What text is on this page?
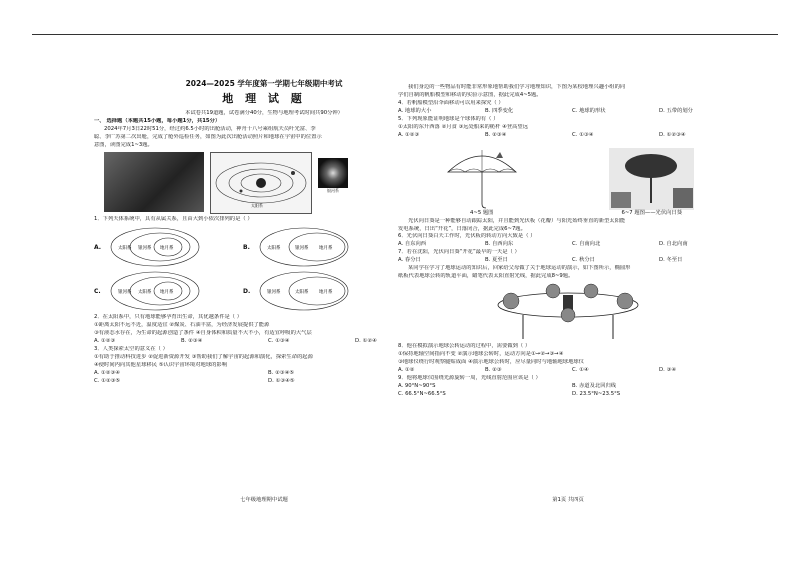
2024—2025 学年度第一学期七年级期中考试
地 理 试 题
本试卷共19道题，试卷满分40分，生物与地理考试时间共90分钟）
一、 选择题（本题共15小题，每小题1分，共15分）
2024年7月3日22时51分，经过约6.5小时的出舱活动，神舟十八号乘组航天员叶光富、李
聪、李广苏第二次出舱，完成了舱外巡检任务，如图为此次出舱活动照片和地球在宇宙中的位置示
意图，读图完成1~3题。
太阳系
银河系
1．下列天体系统中，具有从属关系，且由大到小依次排列的是（ ）
A.	太阳系 银河系 地月系	B.	太阳系	银河系 地月系
C.	银河系 太阳系 地月系	D.	银河系	太阳系 地月系
2．在太阳系中，只有地球能够孕育出生命，其优越条件是（ ）
①距离太阳不远不近，温度适宜 ②煤炭、石油丰富，为经济发展提供了能源
③有液态水存在，为生命的起源创造了条件 ④自身体积和质量不大不小，有适宜呼吸的大气层
A. ①②③	B. ②③④	C. ①③④	D. ①②④
3．人类探索太空的意义在（ ）
①有助于推动科技进步 ②促进新资源开发 ③帮助我们了解宇宙的起源和演化，探索生命的起源
④使时间内向其他星球移民 ⑤认识宇宙环境对地球的影响
A. ①②③④	B. ②③④⑤
C. ①②③⑤	D. ①③④⑤
七年级地理期中试题
我们身边的一些物品有时能非常形象地帮助我们学习地理知识，下图为某校地理兴趣小组的同
学们自制的帆船模型和移动的实验示意图，据此完成4~5题。
4．若帆船模型沿伞面移动可以用来探究（ ）
A. 地球的大小	B. 四季变化	C. 地球的形状	D. 五带的划分
5．下列现象能证明地球是个球体的有（ ）
①太阳的东升西落 ②月食 ③远处船来的桅杆 ④登高望远
A. ①②③	B. ②③④	C. ①③④	D. ①②③④
4~5 题图	6~7 题图——光伏向日葵
光伏向日葵是一种能够自动跟踪太阳，并且能到光伏板（花瓣）与阳光始终垂直的新型太阳能
发电系统，日出“开花”，日落闭合，据此完成6~7题。
6．光伏向日葵白天工作时，光伏板的转动方向大致是（ ）
A. 自东向西	B. 自西向东	C. 自南向北	D. 自北向南
7．若在沈阳，光伏向日葵“开花”最早的一天是（ ）
A. 春分日	B. 夏至日	C. 秋分日	D. 冬至日
某同学在学习了地球运动的知识后，回家给父母做了关于地球运动的演示，如下图所示，椭圆形
纸板代表地球公转的轨道平面，蜡笔代表太阳直射光线，据此完成8~9题。
8．他在模拟演示地球公转运动的过程中，需要做到（ ）
①保持地轴空间指向不变 ②演示地球公转时，运动方向是①→②→③→④
③地球仪绕行时观察腿贴成面 ④演示地球公转时，应尽量同时与地轴地球地球仪
A. ①②	B. ②③	C. ①④	D. ③④
9．他将地球仪围绕光源旋转一周，光线直射范围应该是（ ）
A. 90°N~90°S	B. 赤道及北回归线
C. 66.5°N~66.5°S	D. 23.5°N~23.5°S
第1页 共四页
